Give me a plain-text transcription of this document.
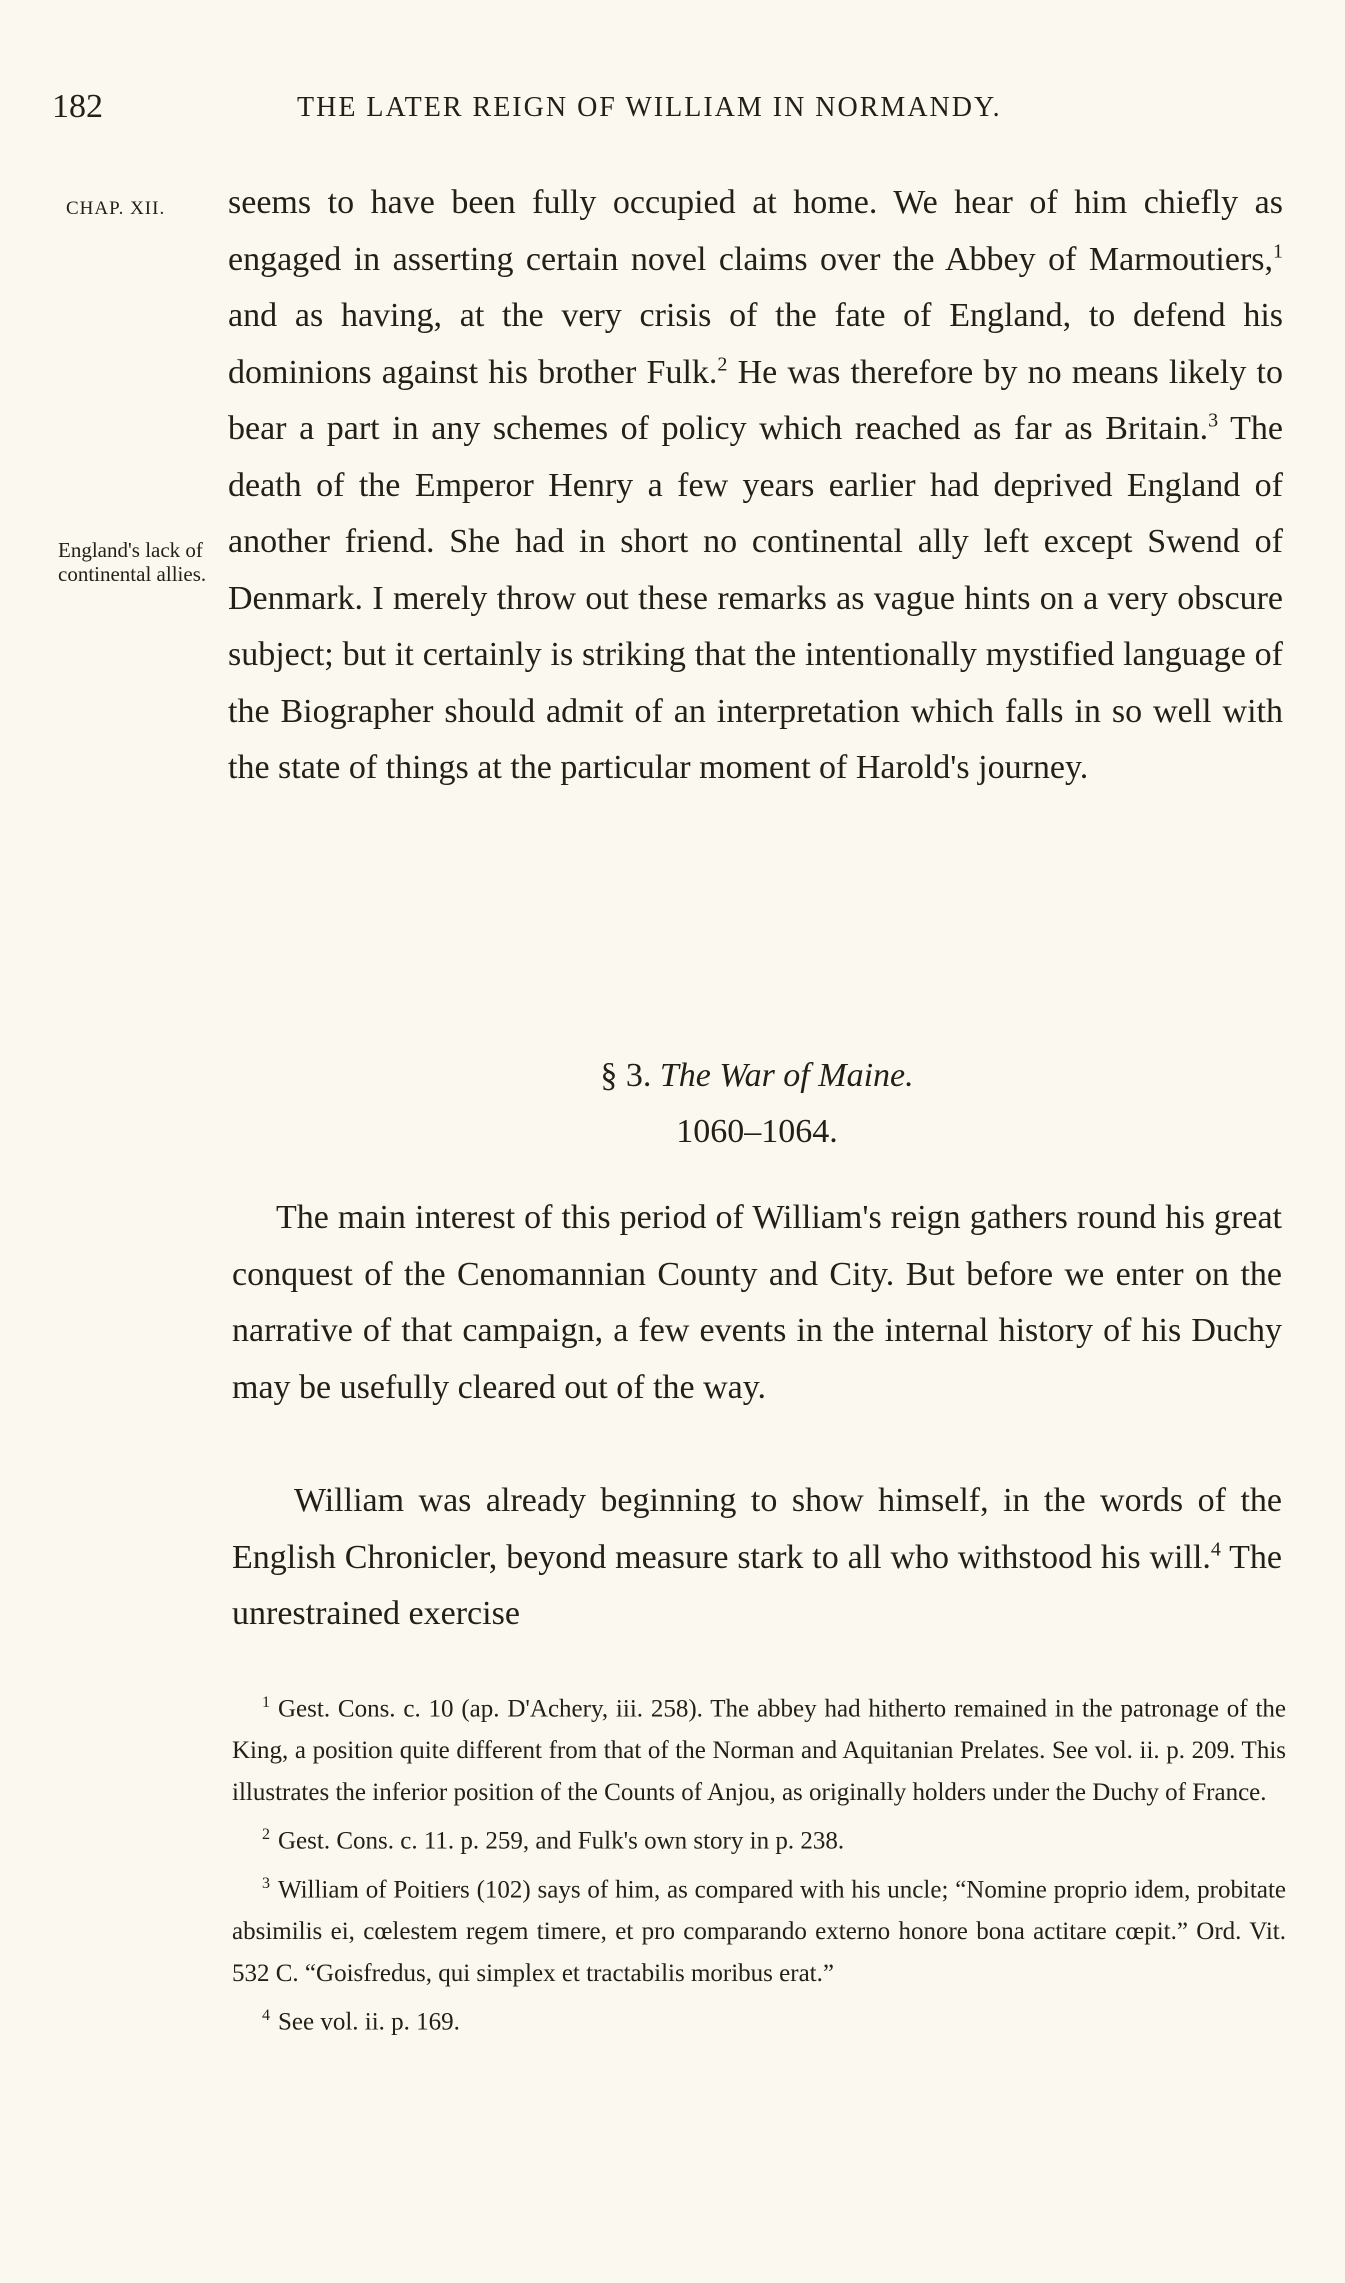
182	THE LATER REIGN OF WILLIAM IN NORMANDY.
CHAP. XII.
England's lack of continental allies.

seems to have been fully occupied at home. We hear of him chiefly as engaged in asserting certain novel claims over the Abbey of Marmoutiers,$^1$ and as having, at the very crisis of the fate of England, to defend his dominions against his brother Fulk.$^2$ He was therefore by no means likely to bear a part in any schemes of policy which reached as far as Britain.$^3$ The death of the Emperor Henry a few years earlier had deprived England of another friend. She had in short no continental ally left except Swend of Denmark. I merely throw out these remarks as vague hints on a very obscure subject; but it certainly is striking that the intentionally mystified language of the Biographer should admit of an interpretation which falls in so well with the state of things at the particular moment of Harold's journey.

§ 3. The War of Maine.
1060–1064.

The main interest of this period of William's reign gathers round his great conquest of the Cenomannian County and City. But before we enter on the narrative of that campaign, a few events in the internal history of his Duchy may be usefully cleared out of the way.

William was already beginning to show himself, in the words of the English Chronicler, beyond measure stark to all who withstood his will.$^4$ The unrestrained exercise

$^1$ Gest. Cons. c. 10 (ap. D'Achery, iii. 258). The abbey had hitherto remained in the patronage of the King, a position quite different from that of the Norman and Aquitanian Prelates. See vol. ii. p. 209. This illustrates the inferior position of the Counts of Anjou, as originally holders under the Duchy of France.

$^2$ Gest. Cons. c. 11. p. 259, and Fulk's own story in p. 238.

$^3$ William of Poitiers (102) says of him, as compared with his uncle; “Nomine proprio idem, probitate absimilis ei, cœlestem regem timere, et pro comparando externo honore bona actitare cœpit.” Ord. Vit. 532 C. “Goisfredus, qui simplex et tractabilis moribus erat.”

$^4$ See vol. ii. p. 169.
